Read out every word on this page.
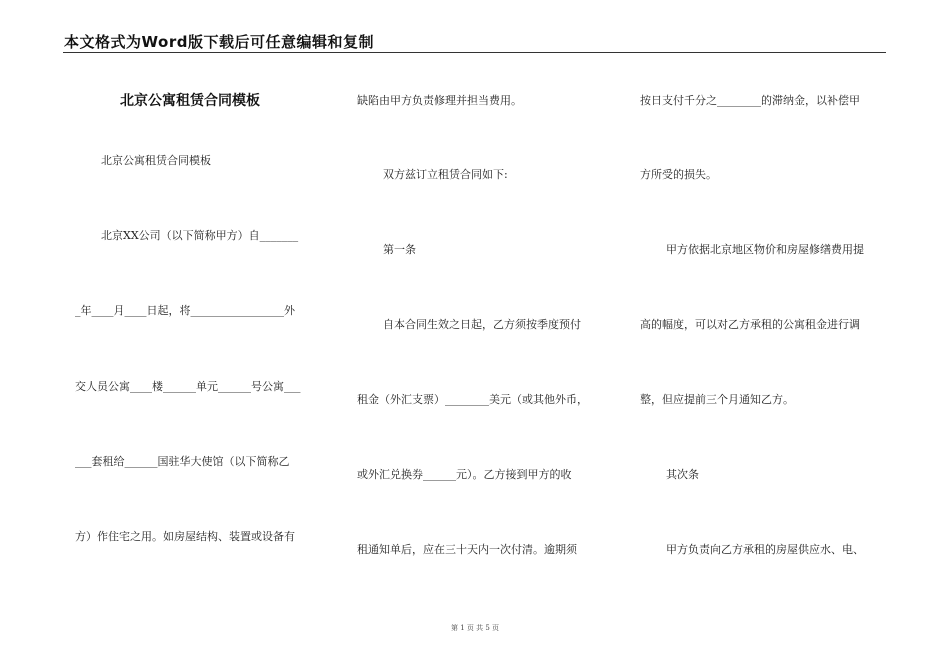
本文格式为Word版下载后可任意编辑和复制
北京公寓租赁合同模板
北京公寓租赁合同模板
北京XX公司（以下简称甲方）自_______
_年____月____日起，将_________________外
交人员公寓____楼______单元______号公寓___
___套租给______国驻华大使馆（以下简称乙
方）作住宅之用。如房屋结构、装置或设备有
缺陷由甲方负责修理并担当费用。
双方兹订立租赁合同如下:
第一条
自本合同生效之日起，乙方须按季度预付
租金（外汇支票）________美元（或其他外币，
或外汇兑换券______元）。乙方接到甲方的收
租通知单后，应在三十天内一次付清。逾期须
按日支付千分之________的滞纳金，以补偿甲
方所受的损失。
甲方依据北京地区物价和房屋修缮费用提
高的幅度，可以对乙方承租的公寓租金进行调
整，但应提前三个月通知乙方。
其次条
甲方负责向乙方承租的房屋供应水、电、
第 1 页 共 5 页
